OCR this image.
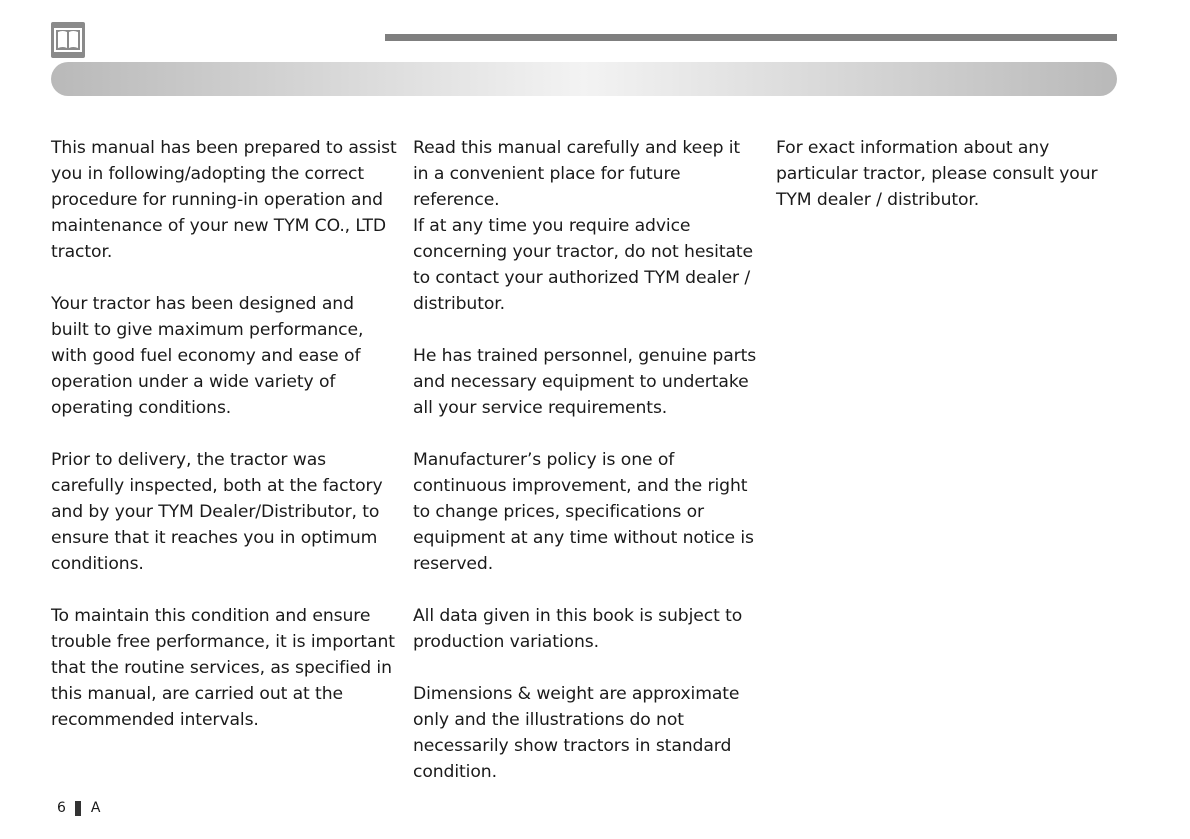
This manual has been prepared to assist
you in following/adopting the correct
procedure for running-in operation and
maintenance of your new TYM CO., LTD
tractor.

Your tractor has been designed and
built to give maximum performance,
with good fuel economy and ease of
operation under a wide variety of
operating conditions.

Prior to delivery, the tractor was
carefully inspected, both at the factory
and by your TYM Dealer/Distributor, to
ensure that it reaches you in optimum
conditions.

To maintain this condition and ensure
trouble free performance, it is important
that the routine services, as specified in
this manual, are carried out at the
recommended intervals.

Read this manual carefully and keep it
in a convenient place for future
reference.

If at any time you require advice
concerning your tractor, do not hesitate
to contact your authorized TYM dealer /
distributor.

He has trained personnel, genuine parts
and necessary equipment to undertake
all your service requirements.

Manufacturer’s policy is one of
continuous improvement, and the right
to change prices, specifications or
equipment at any time without notice is
reserved.

All data given in this book is subject to
production variations.

Dimensions & weight are approximate
only and the illustrations do not
necessarily show tractors in standard
condition.

For exact information about any
particular tractor, please consult your
TYM dealer / distributor.

6 A
